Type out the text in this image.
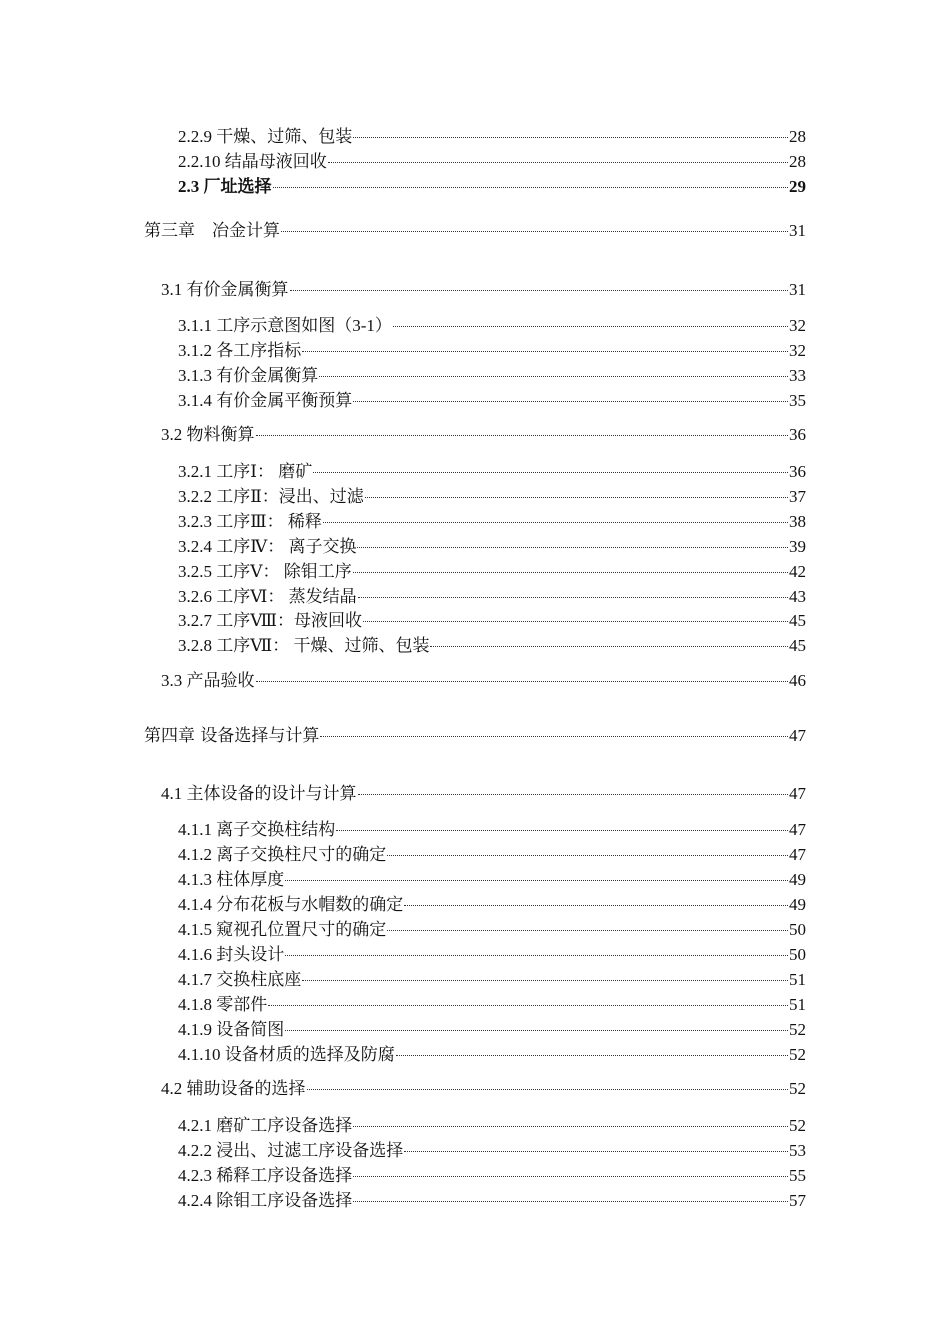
2.2.9 干燥、过筛、包装	28
2.2.10 结晶母液回收	28
2.3 厂址选择	29
第三章　冶金计算	31
3.1 有价金属衡算	31
3.1.1 工序示意图如图（3-1）	32
3.1.2 各工序指标	32
3.1.3 有价金属衡算	33
3.1.4 有价金属平衡预算	35
3.2 物料衡算	36
3.2.1 工序Ⅰ： 磨矿	36
3.2.2 工序Ⅱ：浸出、过滤	37
3.2.3 工序Ⅲ： 稀释	38
3.2.4 工序Ⅳ： 离子交换	39
3.2.5 工序Ⅴ： 除钼工序	42
3.2.6 工序Ⅵ： 蒸发结晶	43
3.2.7 工序Ⅷ：母液回收	45
3.2.8 工序Ⅶ： 干燥、过筛、包装	45
3.3 产品验收	46
第四章 设备选择与计算	47
4.1 主体设备的设计与计算	47
4.1.1 离子交换柱结构	47
4.1.2 离子交换柱尺寸的确定	47
4.1.3 柱体厚度	49
4.1.4 分布花板与水帽数的确定	49
4.1.5 窥视孔位置尺寸的确定	50
4.1.6 封头设计	50
4.1.7 交换柱底座	51
4.1.8 零部件	51
4.1.9 设备简图	52
4.1.10 设备材质的选择及防腐	52
4.2 辅助设备的选择	52
4.2.1 磨矿工序设备选择	52
4.2.2 浸出、过滤工序设备选择	53
4.2.3 稀释工序设备选择	55
4.2.4 除钼工序设备选择	57
